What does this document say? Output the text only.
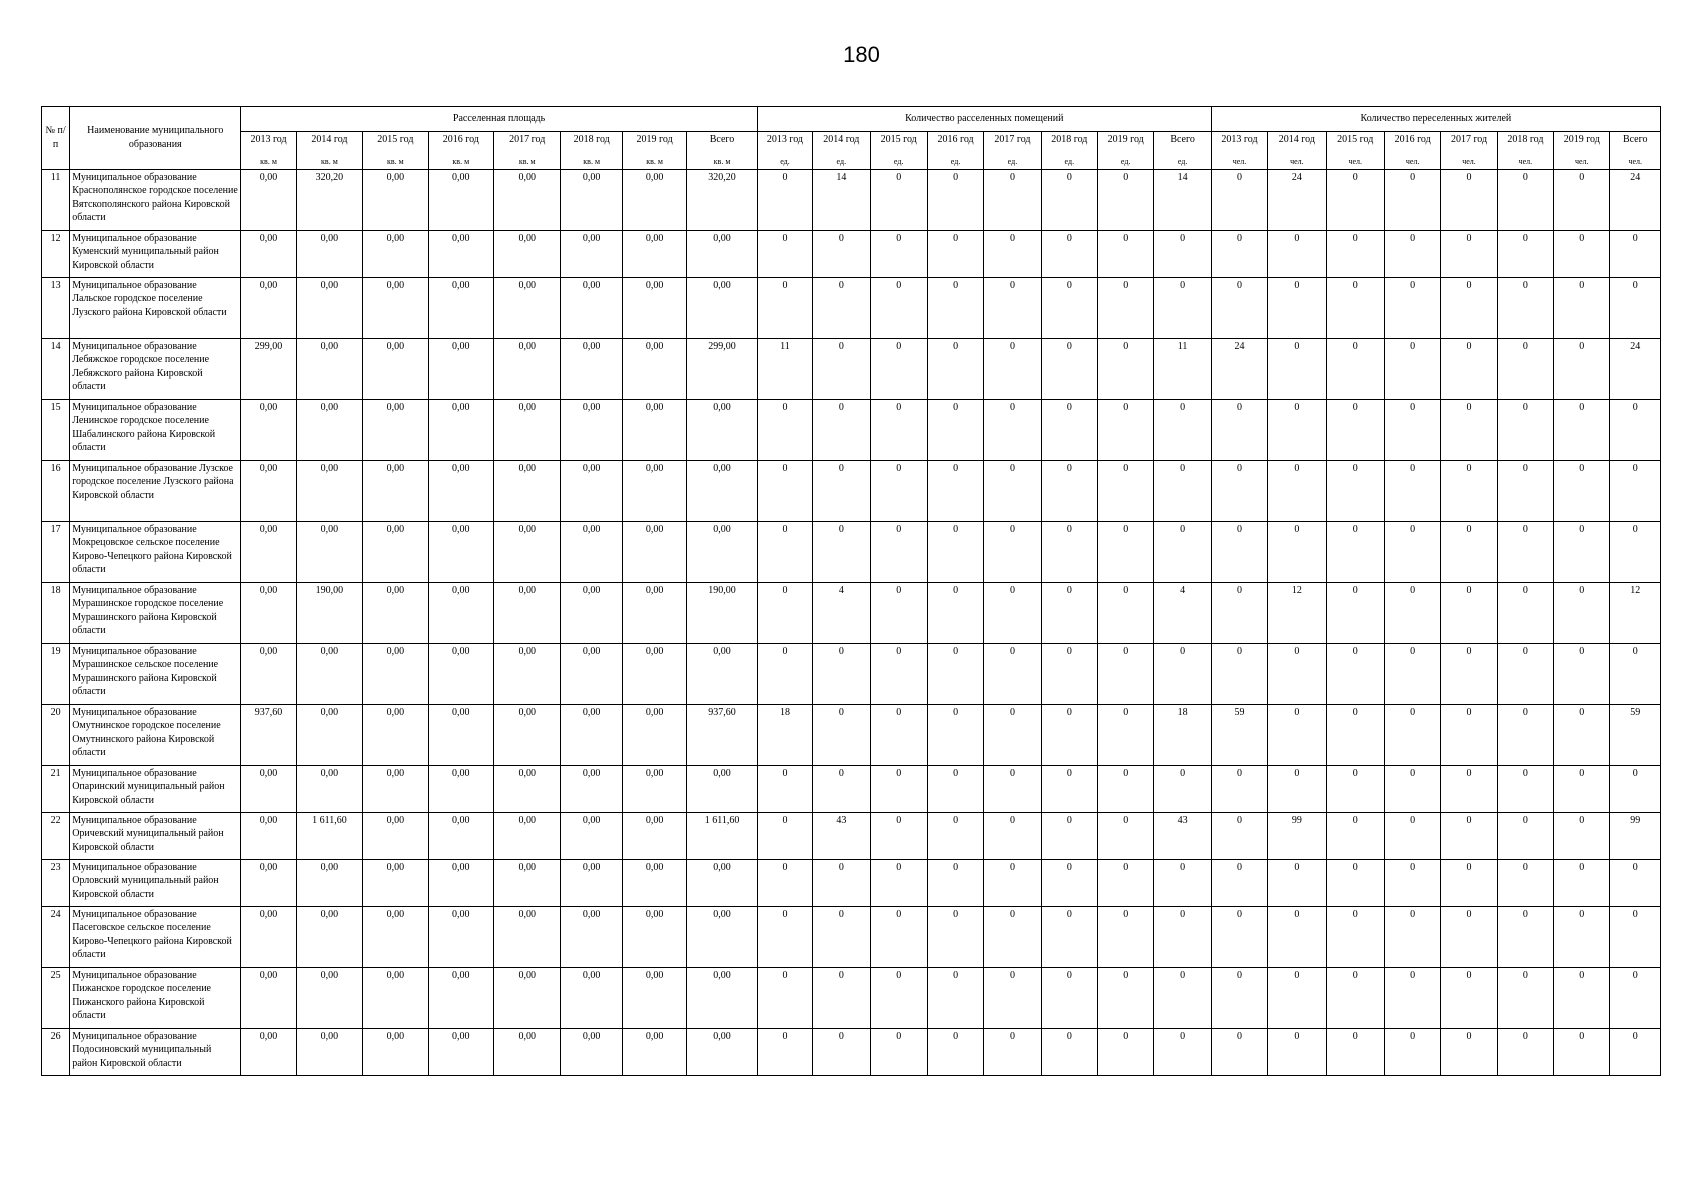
180
№ п/п	Наименование муниципального образования	Расселенная площадь								Количество расселенных помещений								Количество переселенных жителей							
		2013 год	2014 год	2015 год	2016 год	2017 год	2018 год	2019 год	Всего	2013 год	2014 год	2015 год	2016 год	2017 год	2018 год	2019 год	Всего	2013 год	2014 год	2015 год	2016 год	2017 год	2018 год	2019 год	Всего
		кв. м	кв. м	кв. м	кв. м	кв. м	кв. м	кв. м	кв. м	ед.	ед.	ед.	ед.	ед.	ед.	ед.	ед.	чел.	чел.	чел.	чел.	чел.	чел.	чел.	чел.
11	Муниципальное образование Краснополянское городское поселение Вятскополянского района Кировской области	0,00	320,20	0,00	0,00	0,00	0,00	0,00	320,20	0	14	0	0	0	0	0	14	0	24	0	0	0	0	0	24
12	Муниципальное образование Куменский муниципальный район Кировской области	0,00	0,00	0,00	0,00	0,00	0,00	0,00	0,00	0	0	0	0	0	0	0	0	0	0	0	0	0	0	0	0
13	Муниципальное образование Лальское городское поселение Лузского района Кировской области	0,00	0,00	0,00	0,00	0,00	0,00	0,00	0,00	0	0	0	0	0	0	0	0	0	0	0	0	0	0	0	0
14	Муниципальное образование Лебяжское городское поселение Лебяжского района Кировской области	299,00	0,00	0,00	0,00	0,00	0,00	0,00	299,00	11	0	0	0	0	0	0	11	24	0	0	0	0	0	0	24
15	Муниципальное образование Ленинское городское поселение Шабалинского района Кировской области	0,00	0,00	0,00	0,00	0,00	0,00	0,00	0,00	0	0	0	0	0	0	0	0	0	0	0	0	0	0	0	0
16	Муниципальное образование Лузское городское поселение Лузского района Кировской области	0,00	0,00	0,00	0,00	0,00	0,00	0,00	0,00	0	0	0	0	0	0	0	0	0	0	0	0	0	0	0	0
17	Муниципальное образование Мокрецовское сельское поселение Кирово-Чепецкого района Кировской области	0,00	0,00	0,00	0,00	0,00	0,00	0,00	0,00	0	0	0	0	0	0	0	0	0	0	0	0	0	0	0	0
18	Муниципальное образование Мурашинское городское поселение Мурашинского района Кировской области	0,00	190,00	0,00	0,00	0,00	0,00	0,00	190,00	0	4	0	0	0	0	0	4	0	12	0	0	0	0	0	12
19	Муниципальное образование Мурашинское сельское поселение Мурашинского района Кировской области	0,00	0,00	0,00	0,00	0,00	0,00	0,00	0,00	0	0	0	0	0	0	0	0	0	0	0	0	0	0	0	0
20	Муниципальное образование Омутнинское городское поселение Омутнинского района Кировской области	937,60	0,00	0,00	0,00	0,00	0,00	0,00	937,60	18	0	0	0	0	0	0	18	59	0	0	0	0	0	0	59
21	Муниципальное образование Опаринский муниципальный район Кировской области	0,00	0,00	0,00	0,00	0,00	0,00	0,00	0,00	0	0	0	0	0	0	0	0	0	0	0	0	0	0	0	0
22	Муниципальное образование Оричевский муниципальный район Кировской области	0,00	1 611,60	0,00	0,00	0,00	0,00	0,00	1 611,60	0	43	0	0	0	0	0	43	0	99	0	0	0	0	0	99
23	Муниципальное образование Орловский муниципальный район Кировской области	0,00	0,00	0,00	0,00	0,00	0,00	0,00	0,00	0	0	0	0	0	0	0	0	0	0	0	0	0	0	0	0
24	Муниципальное образование Пасеговское сельское поселение Кирово-Чепецкого района Кировской области	0,00	0,00	0,00	0,00	0,00	0,00	0,00	0,00	0	0	0	0	0	0	0	0	0	0	0	0	0	0	0	0
25	Муниципальное образование Пижанское городское поселение Пижанского района Кировской области	0,00	0,00	0,00	0,00	0,00	0,00	0,00	0,00	0	0	0	0	0	0	0	0	0	0	0	0	0	0	0	0
26	Муниципальное образование Подосиновский муниципальный район Кировской области	0,00	0,00	0,00	0,00	0,00	0,00	0,00	0,00	0	0	0	0	0	0	0	0	0	0	0	0	0	0	0	0
